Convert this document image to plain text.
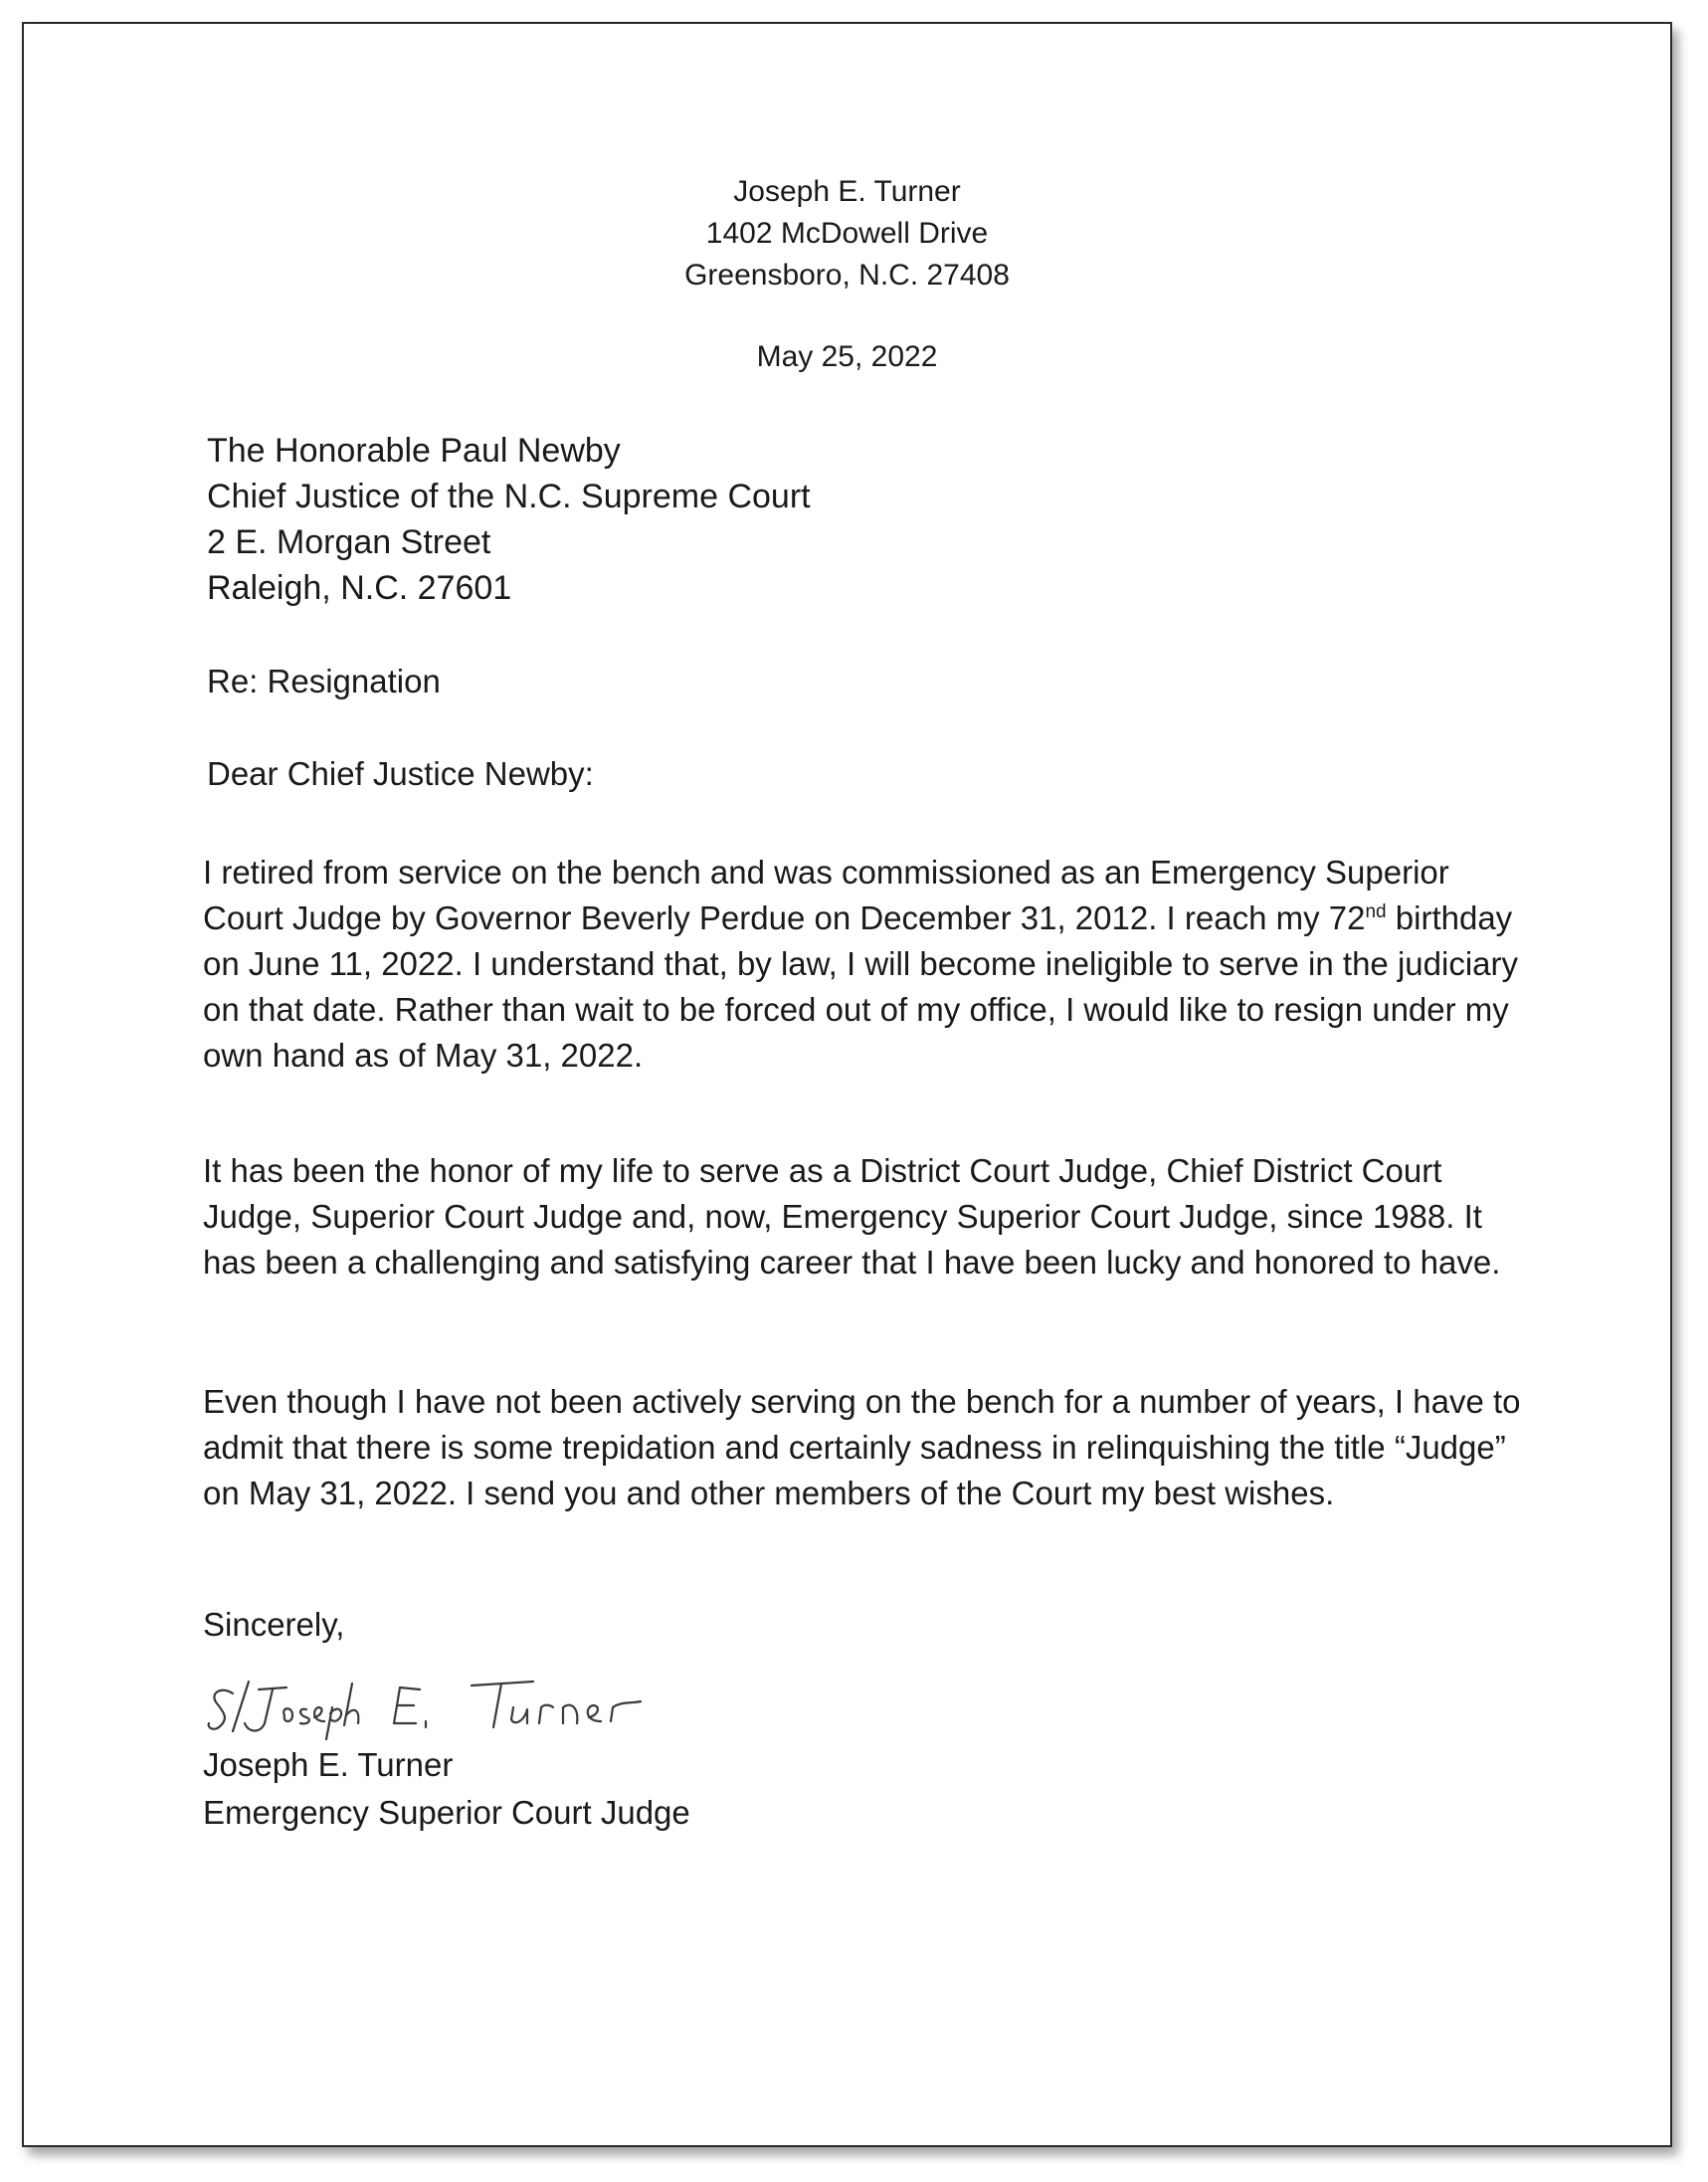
Joseph E. Turner
1402 McDowell Drive
Greensboro, N.C. 27408
May 25, 2022
The Honorable Paul Newby
Chief Justice of the N.C. Supreme Court
2 E. Morgan Street
Raleigh, N.C. 27601
Re: Resignation
Dear Chief Justice Newby:

I retired from service on the bench and was commissioned as an Emergency Superior Court Judge by Governor Beverly Perdue on December 31, 2012. I reach my 72nd birthday on June 11, 2022. I understand that, by law, I will become ineligible to serve in the judiciary on that date. Rather than wait to be forced out of my office, I would like to resign under my own hand as of May 31, 2022.

It has been the honor of my life to serve as a District Court Judge, Chief District Court Judge, Superior Court Judge and, now, Emergency Superior Court Judge, since 1988. It has been a challenging and satisfying career that I have been lucky and honored to have.

Even though I have not been actively serving on the bench for a number of years, I have to admit that there is some trepidation and certainly sadness in relinquishing the title “Judge” on May 31, 2022. I send you and other members of the Court my best wishes.

Sincerely,
Joseph E. Turner
Emergency Superior Court Judge
